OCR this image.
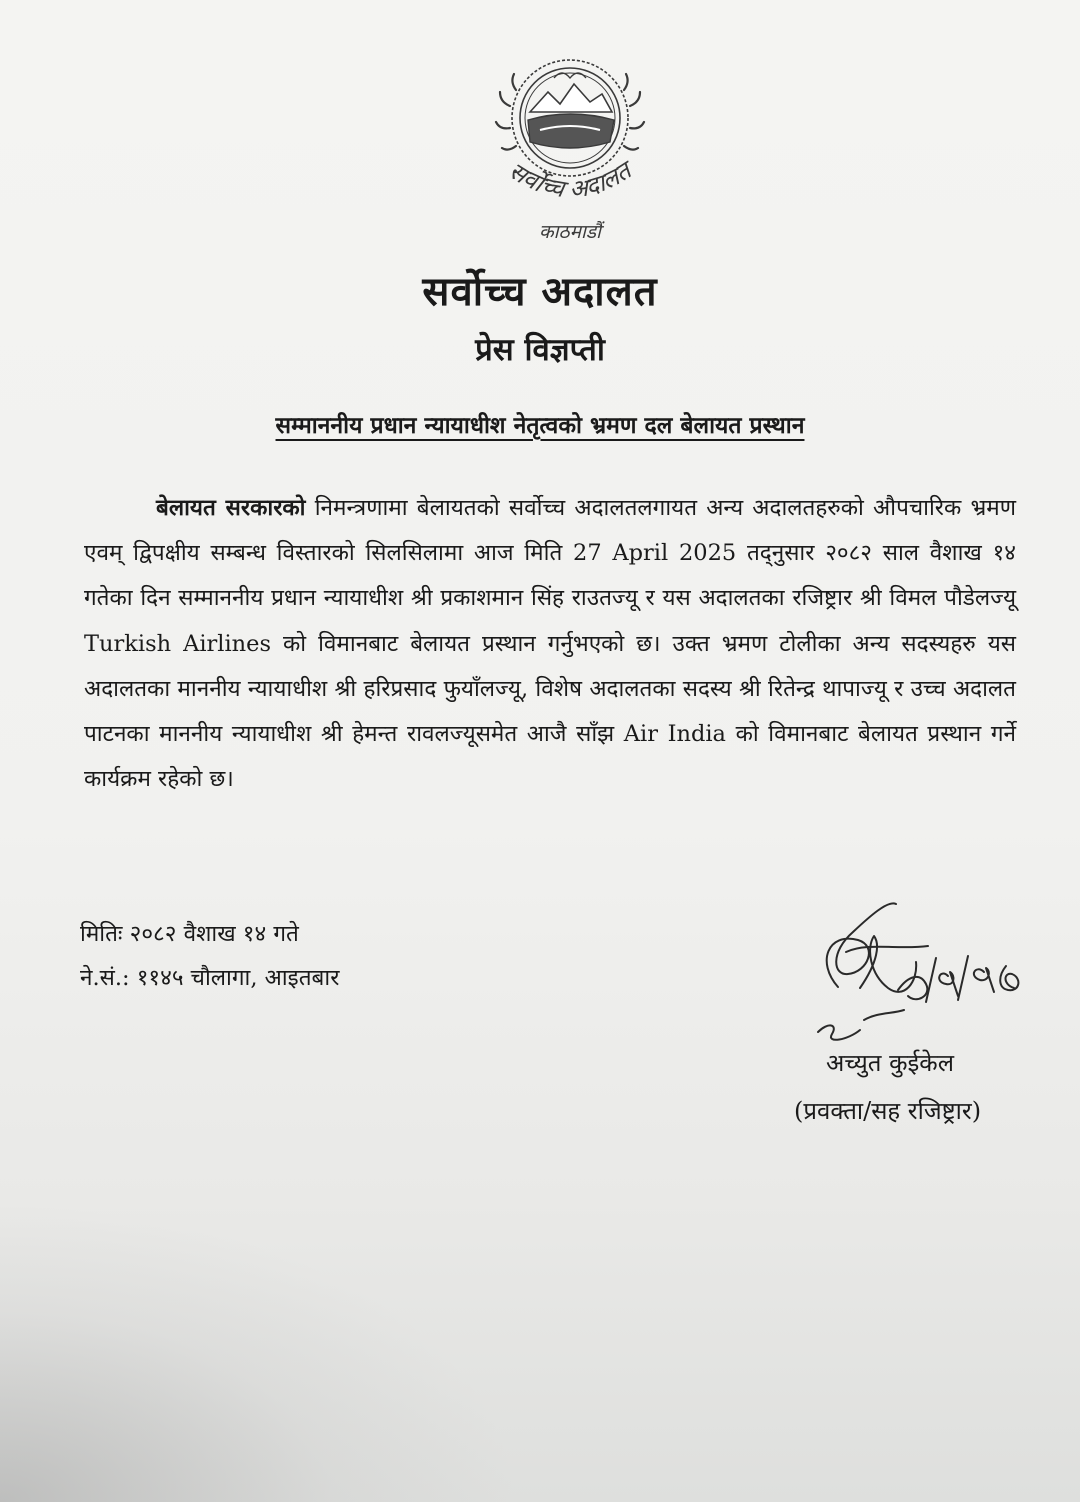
सर्वोच्च अदालत
काठमाडौं
सर्वोच्च अदालत
प्रेस विज्ञप्ती
सम्माननीय प्रधान न्यायाधीश नेतृत्वको भ्रमण दल बेलायत प्रस्थान
बेलायत सरकारको निमन्त्रणामा बेलायतको सर्वोच्च अदालतलगायत अन्य अदालतहरुको औपचारिक भ्रमण एवम् द्विपक्षीय सम्बन्ध विस्तारको सिलसिलामा आज मिति 27 April 2025 तद्नुसार २०८२ साल वैशाख १४ गतेका दिन सम्माननीय प्रधान न्यायाधीश श्री प्रकाशमान सिंह राउतज्यू र यस अदालतका रजिष्ट्रार श्री विमल पौडेलज्यू Turkish Airlines को विमानबाट बेलायत प्रस्थान गर्नुभएको छ। उक्त भ्रमण टोलीका अन्य सदस्यहरु यस अदालतका माननीय न्यायाधीश श्री हरिप्रसाद फुयाँलज्यू, विशेष अदालतका सदस्य श्री रितेन्द्र थापाज्यू र उच्च अदालत पाटनका माननीय न्यायाधीश श्री हेमन्त रावलज्यूसमेत आजै साँझ Air India को विमानबाट बेलायत प्रस्थान गर्ने कार्यक्रम रहेको छ।
मितिः २०८२ वैशाख १४ गते
ने.सं.: ११४५ चौलागा, आइतबार
अच्युत कुईकेल
(प्रवक्ता/सह रजिष्ट्रार)
